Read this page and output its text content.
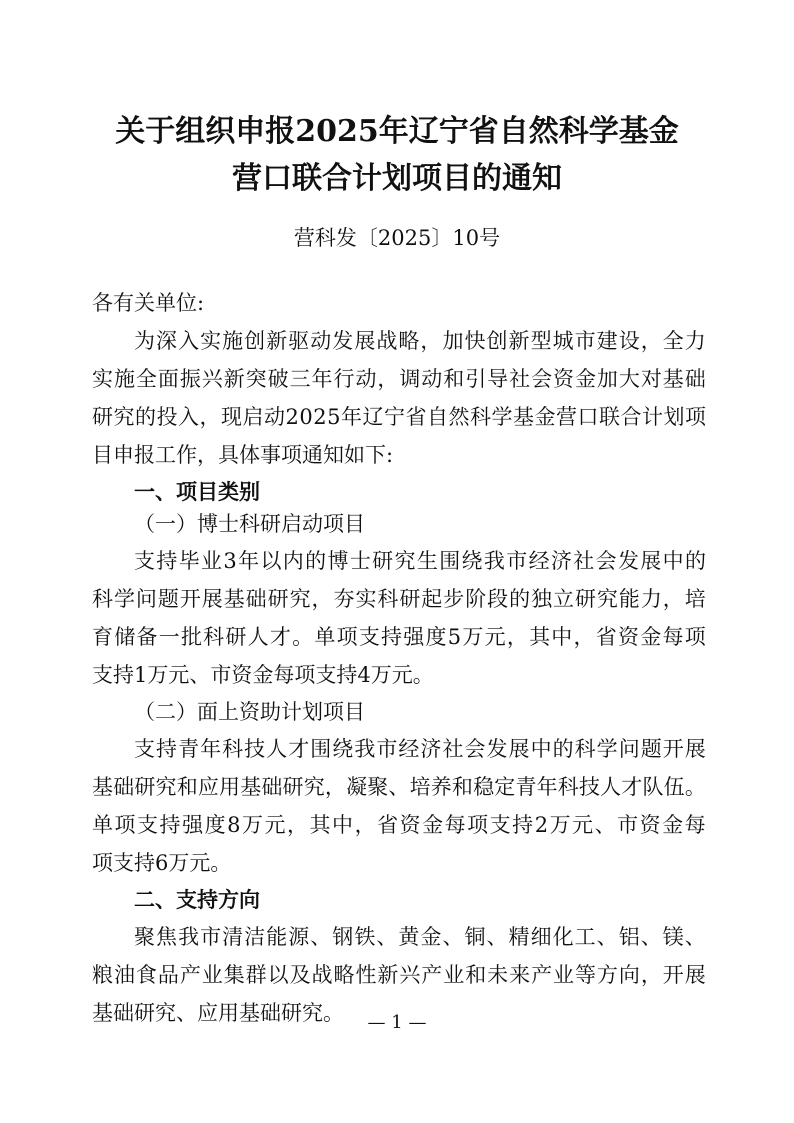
关于组织申报2025年辽宁省自然科学基金
营口联合计划项目的通知
营科发〔2025〕10号
各有关单位:
为 深 入 实 施 创 新 驱 动 发 展 战 略 ， 加 快 创 新 型 城 市 建 设 ， 全 力
实 施 全 面 振 兴 新 突 破 三 年 行 动 ， 调 动 和 引 导 社 会 资 金 加 大 对 基 础
研 究 的 投 入 ， 现 启 动 2 0 2 5 年 辽 宁 省 自 然 科 学 基 金 营 口 联 合 计 划 项
目申报工作，具体事项通知如下:
一、项目类别
（一）博士科研启动项目
支 持 毕 业 3 年 以 内 的 博 士 研 究 生 围 绕 我 市 经 济 社 会 发 展 中 的
科 学 问 题 开 展 基 础 研 究 ， 夯 实 科 研 起 步 阶 段 的 独 立 研 究 能 力 ， 培
育 储 备 一 批 科 研 人 才 。 单 项 支 持 强 度 5 万 元 ， 其 中 ， 省 资 金 每 项
支持1万元、市资金每项支持4万元。
（二）面上资助计划项目
支 持 青 年 科 技 人 才 围 绕 我 市 经 济 社 会 发 展 中 的 科 学 问 题 开 展
基 础 研 究 和 应 用 基 础 研 究 ， 凝 聚 、 培 养 和 稳 定 青 年 科 技 人 才 队 伍 。
单 项 支 持 强 度 8 万 元 ， 其 中 ， 省 资 金 每 项 支 持 2 万 元 、 市 资 金 每
项支持6万元。
二、支持方向
聚 焦 我 市 清 洁 能 源 、 钢 铁 、 黄 金 、 铜 、 精 细 化 工 、 铝 、 镁 、
粮 油 食 品 产 业 集 群 以 及 战 略 性 新 兴 产 业 和 未 来 产 业 等 方 向 ， 开 展
基础研究、应用基础研究。	— 1 —
